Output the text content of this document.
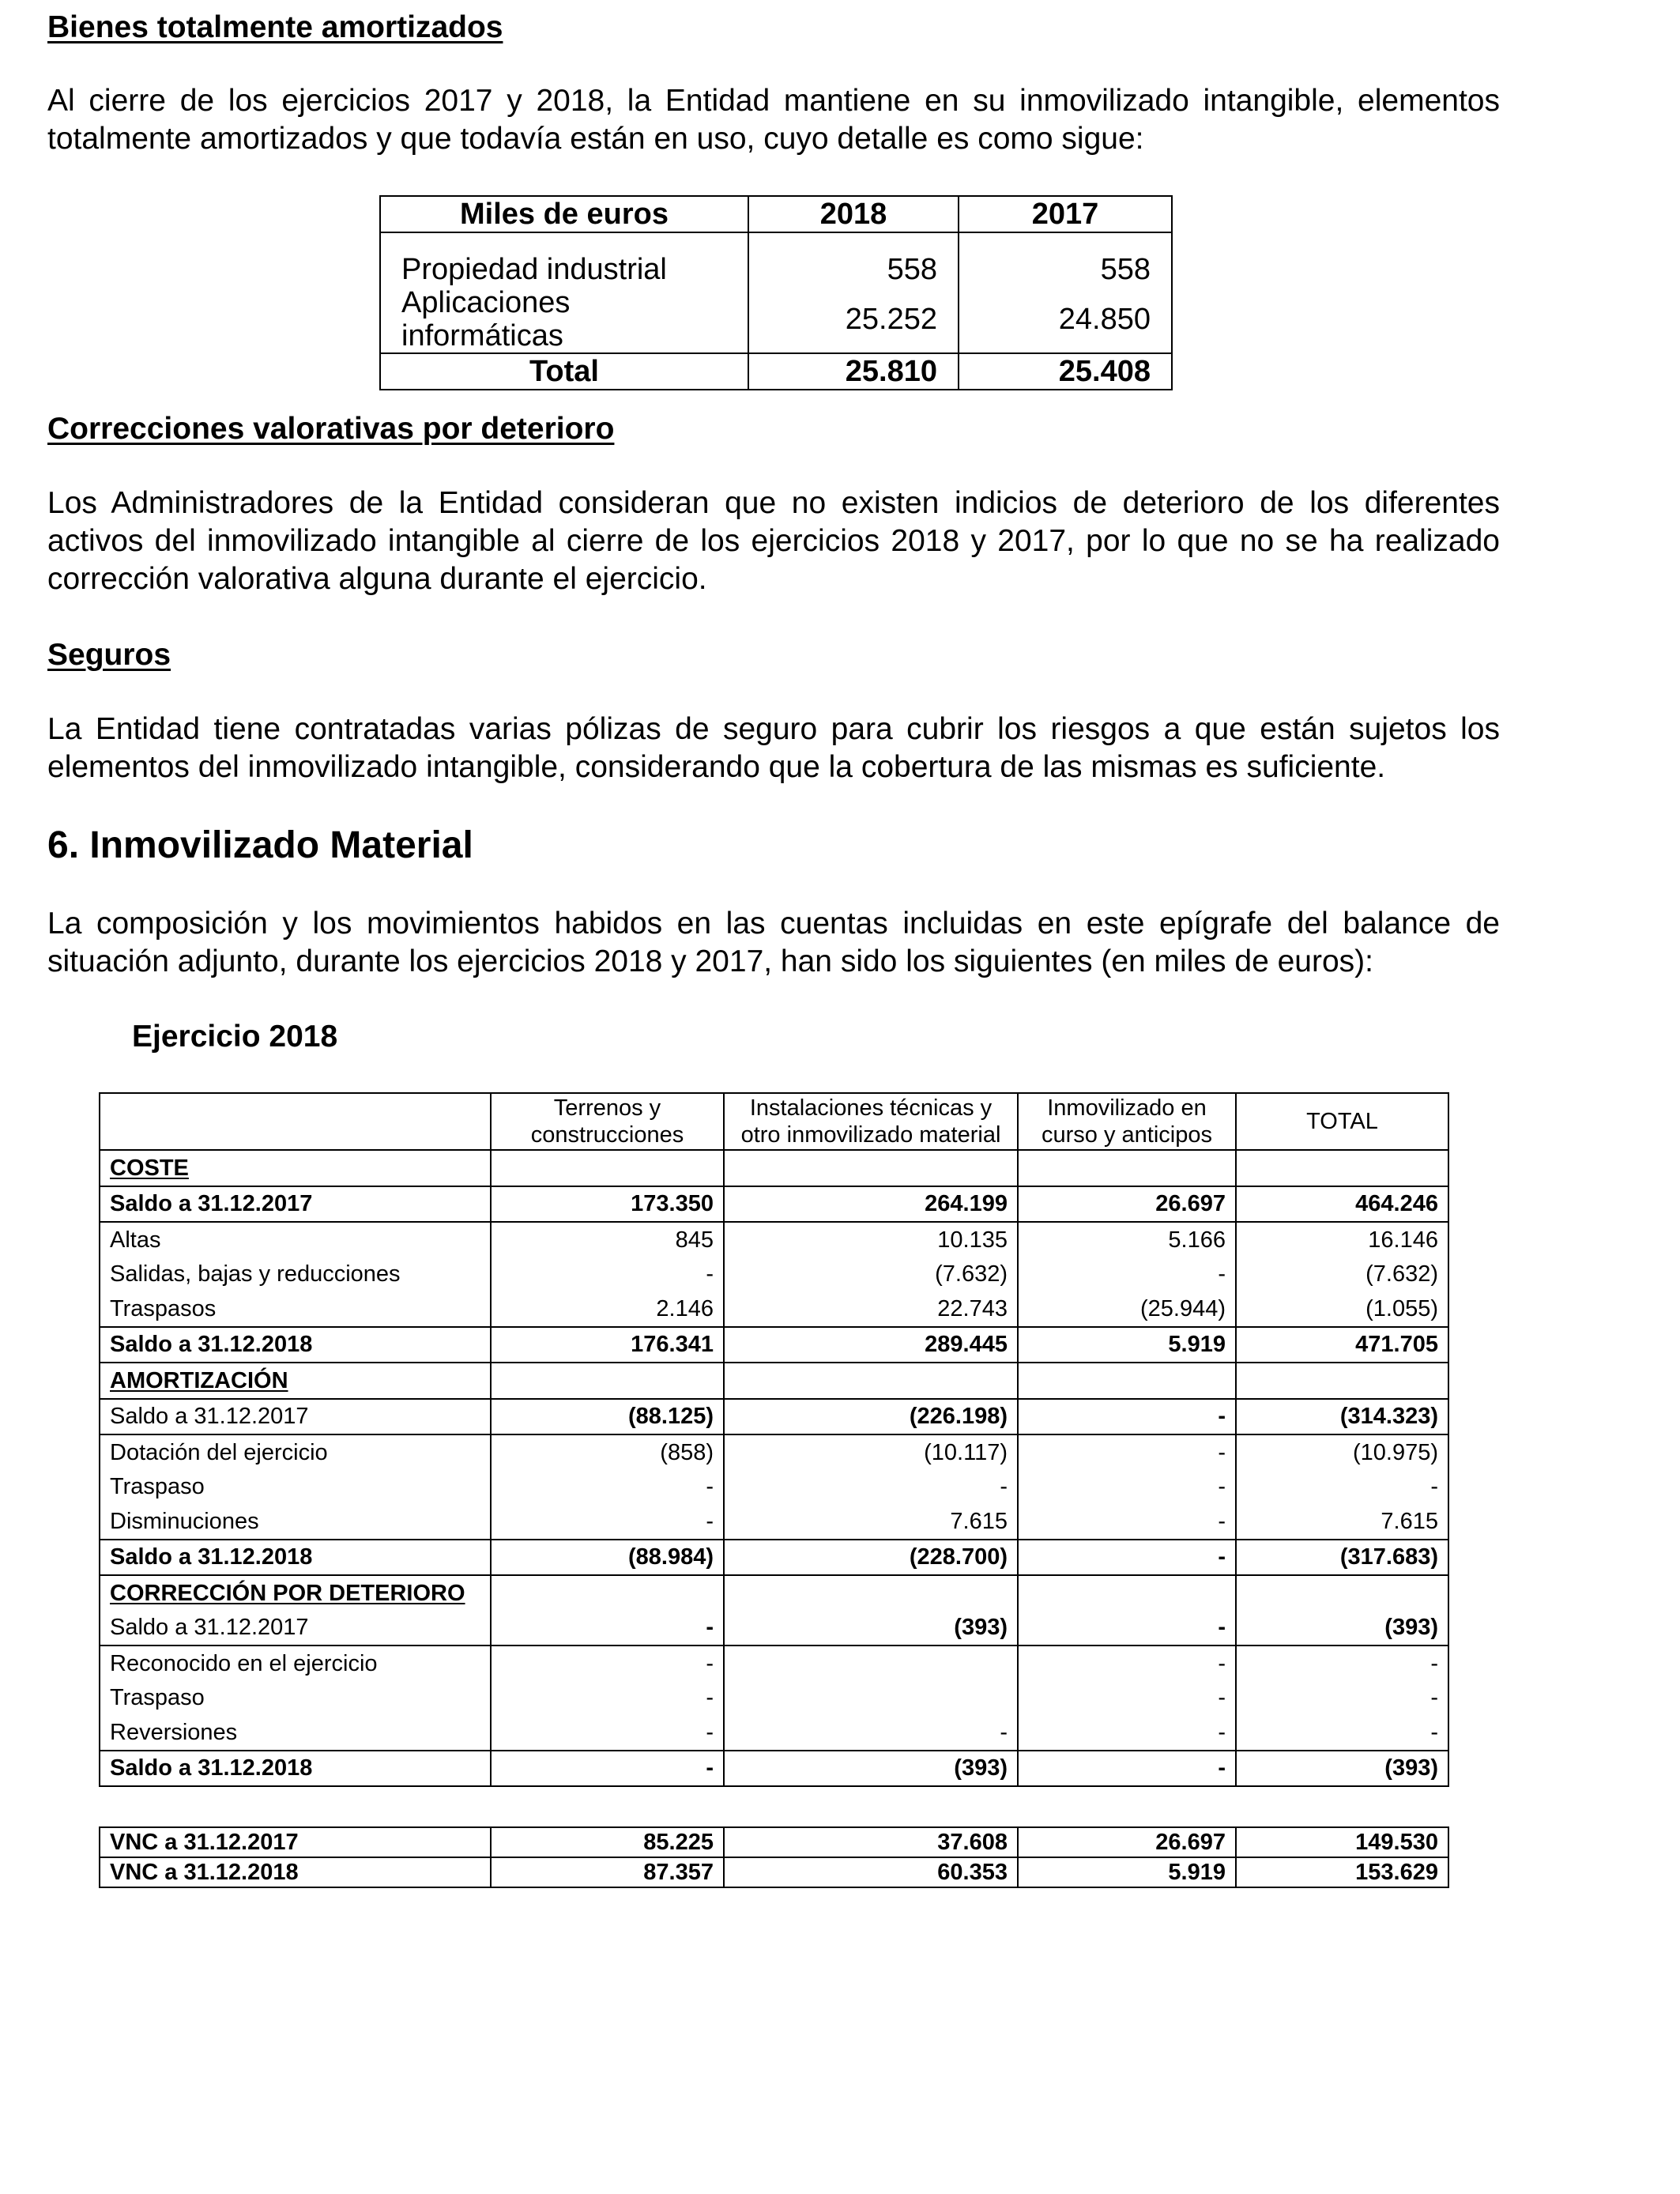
Bienes totalmente amortizados
Al cierre de los ejercicios 2017 y 2018, la Entidad mantiene en su inmovilizado intangible, elementos totalmente amortizados y que todavía están en uso, cuyo detalle es como sigue:
Miles de euros	2018	2017

Propiedad industrial	558	558
Aplicaciones informáticas	25.252	24.850
Total	25.810	25.408
Correcciones valorativas por deterioro
Los Administradores de la Entidad consideran que no existen indicios de deterioro de los diferentes activos del inmovilizado intangible al cierre de los ejercicios 2018 y 2017, por lo que no se ha realizado corrección valorativa alguna durante el ejercicio.
Seguros
La Entidad tiene contratadas varias pólizas de seguro para cubrir los riesgos a que están sujetos los elementos del inmovilizado intangible, considerando que la cobertura de las mismas es suficiente.
6. Inmovilizado Material
La composición y los movimientos habidos en las cuentas incluidas en este epígrafe del balance de situación adjunto, durante los ejercicios 2018 y 2017, han sido los siguientes (en miles de euros):
Ejercicio 2018
	Terrenos y construcciones	Instalaciones técnicas y otro inmovilizado material	Inmovilizado en curso y anticipos	TOTAL
COSTE				
Saldo a 31.12.2017	173.350	264.199	26.697	464.246
Altas	845	10.135	5.166	16.146
Salidas, bajas y reducciones	-	(7.632)	-	(7.632)
Traspasos	2.146	22.743	(25.944)	(1.055)
Saldo a 31.12.2018	176.341	289.445	5.919	471.705
AMORTIZACIÓN				
Saldo a 31.12.2017	(88.125)	(226.198)	-	(314.323)
Dotación del ejercicio	(858)	(10.117)	-	(10.975)
Traspaso	-	-	-	-
Disminuciones	-	7.615	-	7.615
Saldo a 31.12.2018	(88.984)	(228.700)	-	(317.683)
CORRECCIÓN POR DETERIORO				
Saldo a 31.12.2017	-	(393)	-	(393)
Reconocido en el ejercicio	-		-	-
Traspaso	-		-	-
Reversiones	-	-	-	-
Saldo a 31.12.2018	-	(393)	-	(393)

VNC a 31.12.2017	85.225	37.608	26.697	149.530
VNC a 31.12.2018	87.357	60.353	5.919	153.629
